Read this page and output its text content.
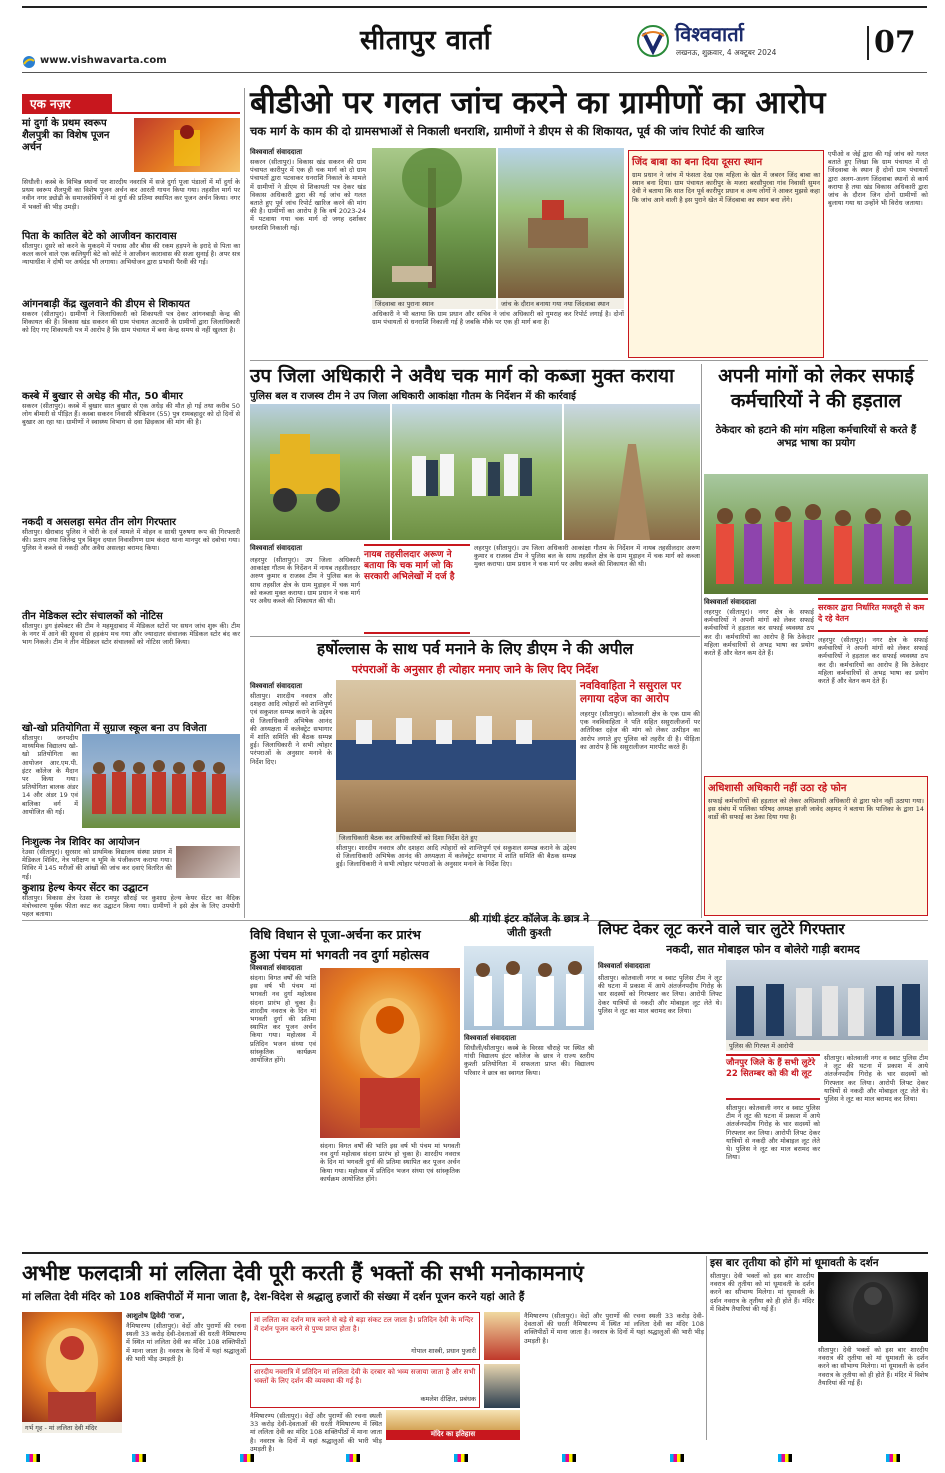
सीतापुर वार्ता	विश्ववार्ता
लखनऊ, शुक्रवार, 4 अक्टूबर 2024	07
www.vishwavarta.com
एक नज़र
मां दुर्गा के प्रथम स्वरूप शैलपुत्री का विशेष पूजन अर्चन
सिधौली। कस्बे के विभिन्न स्थानों पर शारदीय नवरात्रि में सजे दुर्गा पूजा पंडालों में माँ दुर्गा के प्रथम स्वरूप शैलपुत्री का विशेष पूजन अर्चन कर आरती गायन किया गया। तहसील मार्ग पर नवीन नगर ड्योढी के समाजसेवियों ने मां दुर्गा की प्रतिमा स्थापित कर पूजन अर्चन किया। नगर में भक्तों की भीड़ उमड़ी।
पिता के कातिल बेटे को आजीवन कारावास
सीतापुर। दूसरे को करने के मुकदमे में पचास और बीस की रकम हड़पने के इरादे से पिता का कत्ल करने वाले एक कलियुगी बेटे को कोर्ट ने आजीवन कारावास की सजा सुनाई है। अपर सत्र न्यायाधीश ने दोषी पर अर्थदंड भी लगाया। अभियोजन द्वारा प्रभावी पैरवी की गई।
आंगनबाड़ी केंद्र खुलवाने की डीएम से शिकायत
सकरन (सीतापुर)। ग्रामीणों ने जिलाधिकारी को शिकायती पत्र देकर आंगनबाड़ी केन्द्र की शिकायत की है। विकास खंड सकरन की ग्राम पंचायत अटवारी के ग्रामीणों द्वारा जिलाधिकारी को दिए गए शिकायती पत्र में आरोप है कि ग्राम पंचायत में बना केन्द्र समय से नहीं खुलता है।
कस्बे में बुखार से अधेड़ की मौत, 50 बीमार
सकरन (सीतापुर)। कस्बे में बुखार सात बुखार से एक अधेड़ की मौत हो गई तथा करीब 50 लोग बीमारी से पीड़ित हैं। कस्बा सकरन निवासी श्रीकिशन (55) पुत्र रामबहादुर को दो दिनों से बुखार आ रहा था। ग्रामीणों ने स्वास्थ्य विभाग से दवा छिड़काव की मांग की है।
नकदी व असलहा समेत तीन लोग गिरफ्तार
सीतापुर। खैराबाद पुलिस ने चोरी के दर्ज मामले में मोहन व साथी पुरुषगा रूप की गिरफ्तारी की। प्रताप तथा जितेन्द्र पुत्र विशुन दयाल निवासीगण ग्राम कंदरा थाना मानपुर को दबोचा गया। पुलिस ने कब्जे से नकदी और अवैध असलहा बरामद किया।
तीन मेडिकल स्टोर संचालकों को नोटिस
सीतापुर। ड्रग इंस्पेक्टर की टीम ने महमूदाबाद में मेडिकल स्टोरों पर सघन जांच शुरू की। टीम के नगर में आने की सूचना से हड़कंप मच गया और ज्यादातर संचालक मेडिकल स्टोर बंद कर भाग निकले। टीम ने तीन मेडिकल स्टोर संचालकों को नोटिस जारी किया।
खो-खो प्रतियोगिता में सुग्राज स्कूल बना उप विजेता
सीतापुर। जनपदीय माध्यमिक विद्यालय खो-खो प्रतियोगिता का आयोजन आर.एम.पी. इंटर कॉलेज के मैदान पर किया गया। प्रतियोगिता बालक अंडर 14 और अंडर 19 एवं बालिका वर्ग में आयोजित की गई।
निःशुल्क नेत्र शिविर का आयोजन
रेउसा (सीतापुर)। सुरसार को प्राथमिक विद्यालय संस्था प्रधान में मेडिकल शिविर, नेत्र परीक्षण व भूमि के पंजीकरण कराया गया। शिविर में 145 मरीजों की आंखों की जांच कर दवाएं वितरित की गईं।
कुशाग्र हेल्थ केयर सेंटर का उद्घाटन
सीतापुर। विकास क्षेत्र रेउसा के रामपुर सौराई पर कुशाग्र हेल्थ केयर सेंटर का वैदिक मंत्रोच्चारण पूर्वक फीता काट कर उद्घाटन किया गया। ग्रामीणों ने इसे क्षेत्र के लिए उपयोगी पहल बताया।
बीडीओ पर गलत जांच करने का ग्रामीणों का आरोप
चक मार्ग के काम की दो ग्रामसभाओं से निकाली धनराशि, ग्रामीणों ने डीएम से की शिकायत, पूर्व की जांच रिपोर्ट की खारिज
विश्ववार्ता संवाददाता
सकरन (सीतापुर)। विकास खंड सकरन की ग्राम पंचायत कारीपुर में एक ही चक मार्ग को दो ग्राम पंचायतों द्वारा पटवाकर धनराशि निकाले के मामले में ग्रामीणों ने डीएम से शिकायती पत्र देकर खंड विकास अधिकारी द्वारा की गई जांच को गलत बताते हुए पूर्व जांच रिपोर्ट खारिज करने की मांग की है। ग्रामीणों का आरोप है कि वर्ष 2023-24 में पटवाया गया चक मार्ग दो जगह दर्शाकर धनराशि निकाली गई।
जिंदवाबा का पुराना स्थान	जांच के दौरान बनाया गया नया जिंदवाबा स्थान
अधिकारी ने भी बताया कि ग्राम प्रधान और सचिव ने जांच अधिकारी को गुमराह कर रिपोर्ट लगाई है। दोनों ग्राम पंचायतों से धनराशि निकाली गई है जबकि मौके पर एक ही मार्ग बना है।
जिंद बाबा का बना दिया दूसरा स्थान
ग्राम प्रधान ने जांच में फंसता देख एक महिला के खेत में जबरन जिंद बाबा का स्थान बना दिया। ग्राम पंचायत कारीपुर के मजरा बरसौपुरवा गांव निवासी सुमन देवी ने बताया कि सात दिन पूर्व कारीपुर प्रधान व अन्य लोगों ने आकर मुझसे कहा कि जांच आने वाली है इस पुराने खेत में जिंदबाबा का स्थान बना लेंगे।
एपीओ व जेई द्वारा की गई जांच को गलत बताते हुए लिखा कि ग्राम पंचायत में दो जिंदवाबा के स्थान हैं दोनों ग्राम पंचायतों द्वारा अलग-अलग जिंदवाबा स्थानों से कार्य कराया है तथा खंड विकास अधिकारी द्वारा जांच के दौरान जिन दोनों ग्रामीणों को बुलाया गया था उन्होंने भी विरोध जताया।
उप जिला अधिकारी ने अवैध चक मार्ग को कब्जा मुक्त कराया
पुलिस बल व राजस्व टीम ने उप जिला अधिकारी आकांक्षा गौतम के निर्देशन में की कार्रवाई
विश्ववार्ता संवाददाता
लहरपुर (सीतापुर)। उप जिला अधिकारी आकांक्षा गौतम के निर्देशन में नायब तहसीलदार अरुण कुमार व राजस्व टीम ने पुलिस बल के साथ तहसील क्षेत्र के ग्राम मुड़ाहन में चक मार्ग को कब्जा मुक्त कराया। ग्राम प्रधान ने चक मार्ग पर अवैध कब्जे की शिकायत की थी।
नायब तहसीलदार अरूण ने बताया कि चक मार्ग जो कि सरकारी अभिलेखों में दर्ज है
लहरपुर (सीतापुर)। उप जिला अधिकारी आकांक्षा गौतम के निर्देशन में नायब तहसीलदार अरुण कुमार व राजस्व टीम ने पुलिस बल के साथ तहसील क्षेत्र के ग्राम मुड़ाहन में चक मार्ग को कब्जा मुक्त कराया। ग्राम प्रधान ने चक मार्ग पर अवैध कब्जे की शिकायत की थी।
अपनी मांगों को लेकर सफाई कर्मचारियों ने की हड़ताल
ठेकेदार को हटाने की मांग महिला कर्मचारियों से करते हैं अभद्र भाषा का प्रयोग
विश्ववार्ता संवाददाता
लहरपुर (सीतापुर)। नगर क्षेत्र के सफाई कर्मचारियों ने अपनी मांगों को लेकर सफाई कर्मचारियों ने हड़ताल कर सफाई व्यवस्था ठप कर दी। कर्मचारियों का आरोप है कि ठेकेदार महिला कर्मचारियों से अभद्र भाषा का प्रयोग करते हैं और वेतन कम देते हैं।
सरकार द्वारा निर्धारित मजदूरी से कम दे रहे वेतन
लहरपुर (सीतापुर)। नगर क्षेत्र के सफाई कर्मचारियों ने अपनी मांगों को लेकर सफाई कर्मचारियों ने हड़ताल कर सफाई व्यवस्था ठप कर दी। कर्मचारियों का आरोप है कि ठेकेदार महिला कर्मचारियों से अभद्र भाषा का प्रयोग करते हैं और वेतन कम देते हैं।
अधिशासी अधिकारी नहीं उठा रहे फोन
सफाई कर्मचारियों की हड़ताल को लेकर अधिशासी अधिकारी से द्वारा फोन नहीं उठाया गया। इस संबंध में पालिका परिषद अध्यक्ष हाजी जावेद अहमद ने बताया कि पालिका के द्वारा 14 वार्डो की सफाई का ठेका दिया गया है।
हर्षोल्लास के साथ पर्व मनाने के लिए डीएम ने की अपील
परंपराओं के अनुसार ही त्योहार मनाए जाने के लिए दिए निर्देश
विश्ववार्ता संवाददाता
सीतापुर। शारदीय नवरात्र और दशहरा आदि त्योहारों को शान्तिपूर्ण एवं सकुशल सम्पन्न कराने के उद्देश्य से जिलाधिकारी अभिषेक आनंद की अध्यक्षता में कलेक्ट्रेट सभागार में शांति समिति की बैठक सम्पन्न हुई। जिलाधिकारी ने सभी त्योहार परंपराओं के अनुसार मनाने के निर्देश दिए।
जिलाधिकारी बैठक कर अधिकारियों को दिशा निर्देश देते हुए
सीतापुर। शारदीय नवरात्र और दशहरा आदि त्योहारों को शान्तिपूर्ण एवं सकुशल सम्पन्न कराने के उद्देश्य से जिलाधिकारी अभिषेक आनंद की अध्यक्षता में कलेक्ट्रेट सभागार में शांति समिति की बैठक सम्पन्न हुई। जिलाधिकारी ने सभी त्योहार परंपराओं के अनुसार मनाने के निर्देश दिए।
नवविवाहिता ने ससुराल पर लगाया दहेज का आरोप
लहरपुर (सीतापुर)। कोतवाली क्षेत्र के एक ग्राम की एक नवविवाहिता ने पति सहित ससुरालीजनों पर अतिरिक्त दहेज की मांग को लेकर उत्पीड़न का आरोप लगाते हुए पुलिस को तहरीर दी है। पीड़िता का आरोप है कि ससुरालीजन मारपीट करते हैं।
विधि विधान से पूजा-अर्चना कर प्रारंभ
हुआ पंचम मां भगवती नव दुर्गा महोत्सव
विश्ववार्ता संवाददाता
संदना। विगत वर्षों की भांति इस वर्ष भी पंचम मां भगवती नव दुर्गा महोत्सव संदना प्रारंभ हो चुका है। शारदीय नवरात्र के दिन मां भगवती दुर्गा की प्रतिमा स्थापित कर पूजन अर्चन किया गया। महोत्सव में प्रतिदिन भजन संध्या एवं सांस्कृतिक कार्यक्रम आयोजित होंगे।
संदना। विगत वर्षों की भांति इस वर्ष भी पंचम मां भगवती नव दुर्गा महोत्सव संदना प्रारंभ हो चुका है। शारदीय नवरात्र के दिन मां भगवती दुर्गा की प्रतिमा स्थापित कर पूजन अर्चन किया गया। महोत्सव में प्रतिदिन भजन संध्या एवं सांस्कृतिक कार्यक्रम आयोजित होंगे।
श्री गांधी इंटर कॉलेज के छात्र ने जीती कुश्ती
विश्ववार्ता संवाददाता
सिधौली/सीतापुर। कस्बे के विरसा चौराहे पर स्थित श्री गांधी विद्यालय इंटर कॉलेज के छात्र ने राज्य स्तरीय कुश्ती प्रतियोगिता में सफलता प्राप्त की। विद्यालय परिवार ने छात्र का स्वागत किया।
लिफ्ट देकर लूट करने वाले चार लुटेरे गिरफ्तार
नकदी, सात मोबाइल फोन व बोलेरो गाड़ी बरामद
विश्ववार्ता संवाददाता
सीतापुर। कोतवाली नगर व स्वाट पुलिस टीम ने लूट की घटना में प्रकाश में आये अंतर्जनपदीय गिरोह के चार सदस्यों को गिरफ्तार कर लिया। आरोपी लिफ्ट देकर यात्रियों से नकदी और मोबाइल लूट लेते थे। पुलिस ने लूट का माल बरामद कर लिया।
पुलिस की गिरफ्त में आरोपी
जौनपुर जिले के हैं सभी लुटेरे 22 सितम्बर को की थी लूट
सीतापुर। कोतवाली नगर व स्वाट पुलिस टीम ने लूट की घटना में प्रकाश में आये अंतर्जनपदीय गिरोह के चार सदस्यों को गिरफ्तार कर लिया। आरोपी लिफ्ट देकर यात्रियों से नकदी और मोबाइल लूट लेते थे। पुलिस ने लूट का माल बरामद कर लिया।
सीतापुर। कोतवाली नगर व स्वाट पुलिस टीम ने लूट की घटना में प्रकाश में आये अंतर्जनपदीय गिरोह के चार सदस्यों को गिरफ्तार कर लिया। आरोपी लिफ्ट देकर यात्रियों से नकदी और मोबाइल लूट लेते थे। पुलिस ने लूट का माल बरामद कर लिया।
अभीष्ट फलदात्री मां ललिता देवी पूरी करती हैं भक्तों की सभी मनोकामनाएं
मां ललिता देवी मंदिर को 108 शक्तिपीठों में माना जाता है, देश-विदेश से श्रद्धालु हजारों की संख्या में दर्शन पूजन करने यहां आते हैं
गर्भ गृह - मां ललिता देवी मंदिर
आशुतोष द्विवेदी 'राज',
नैमिषारण्य (सीतापुर)। वेदों और पुराणों की रचना स्थली 33 करोड़ देवी-देवताओं की धरती नैमिषारण्य में स्थित मां ललिता देवी का मंदिर 108 शक्तिपीठों में माना जाता है। नवरात्र के दिनों में यहां श्रद्धालुओं की भारी भीड़ उमड़ती है।
मां ललिता का दर्शन मात्र करने से बड़े से बड़ा संकट टल जाता है। प्रतिदिन देवी के मन्दिर में दर्शन पूजन करने से पुण्य प्राप्त होता है।
गोपाल शास्त्री, प्रधान पुजारी
शारदीय नवरात्रि में प्रतिदिन मां ललिता देवी के दरबार को भव्य सजाया जाता है और सभी भक्तों के लिए दर्शन की व्यवस्था की गई है।
कमलेश दीक्षित, प्रबंधक
नैमिषारण्य (सीतापुर)। वेदों और पुराणों की रचना स्थली 33 करोड़ देवी-देवताओं की धरती नैमिषारण्य में स्थित मां ललिता देवी का मंदिर 108 शक्तिपीठों में माना जाता है। नवरात्र के दिनों में यहां श्रद्धालुओं की भारी भीड़ उमड़ती है।
मंदिर का इतिहास
नैमिषारण्य (सीतापुर)। वेदों और पुराणों की रचना स्थली 33 करोड़ देवी-देवताओं की धरती नैमिषारण्य में स्थित मां ललिता देवी का मंदिर 108 शक्तिपीठों में माना जाता है। नवरात्र के दिनों में यहां श्रद्धालुओं की भारी भीड़ उमड़ती है।
इस बार तृतीया को होंगे मां धूमावती के दर्शन
सीतापुर। देवी भक्तों को इस बार शारदीय नवरात्र की तृतीया को मां धूमावती के दर्शन करने का सौभाग्य मिलेगा। मां धूमावती के दर्शन नवरात्र के तृतीया को ही होते हैं। मंदिर में विशेष तैयारियां की गई हैं।
सीतापुर। देवी भक्तों को इस बार शारदीय नवरात्र की तृतीया को मां धूमावती के दर्शन करने का सौभाग्य मिलेगा। मां धूमावती के दर्शन नवरात्र के तृतीया को ही होते हैं। मंदिर में विशेष तैयारियां की गई हैं।
